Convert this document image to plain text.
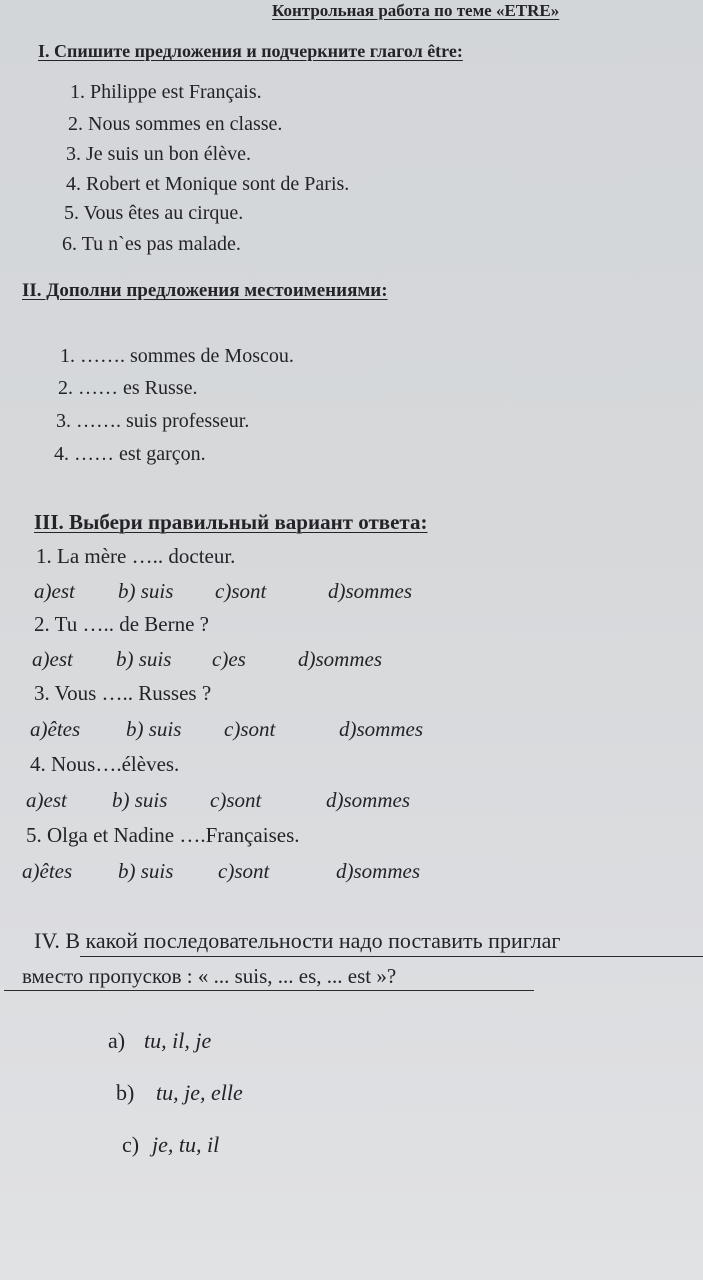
Контрольная работа по теме «ETRE»
I. Спишите предложения и подчеркните глагол être:
1. Philippe est Français.
2. Nous sommes en classe.
3. Je suis un bon élève.
4. Robert et Monique sont de Paris.
5. Vous êtes au cirque.
6. Tu n`es pas malade.
II. Дополни предложения местоимениями:
1. ……. sommes de Moscou.
2. …… es Russe.
3. ……. suis professeur.
4. …… est garçon.
III. Выбери правильный вариант ответа:
1. La mère ….. docteur.
a)est b) suis c)sont	d)sommes
2. Tu ….. de Berne ?
a)est b) suis c)es d)sommes
3. Vous ….. Russes ?
a)êtes b) suis c)sont	d)sommes
4. Nous….élèves.
a)est b) suis c)sont	d)sommes
5. Olga et Nadine ….Françaises.
a)êtes b) suis c)sont	d)sommes
IV. В какой последовательности надо поставить приглаг
вместо пропусков : « ... suis, ... es, ... est »?
a) tu, il, je
b) tu, je, elle
c) je, tu, il
